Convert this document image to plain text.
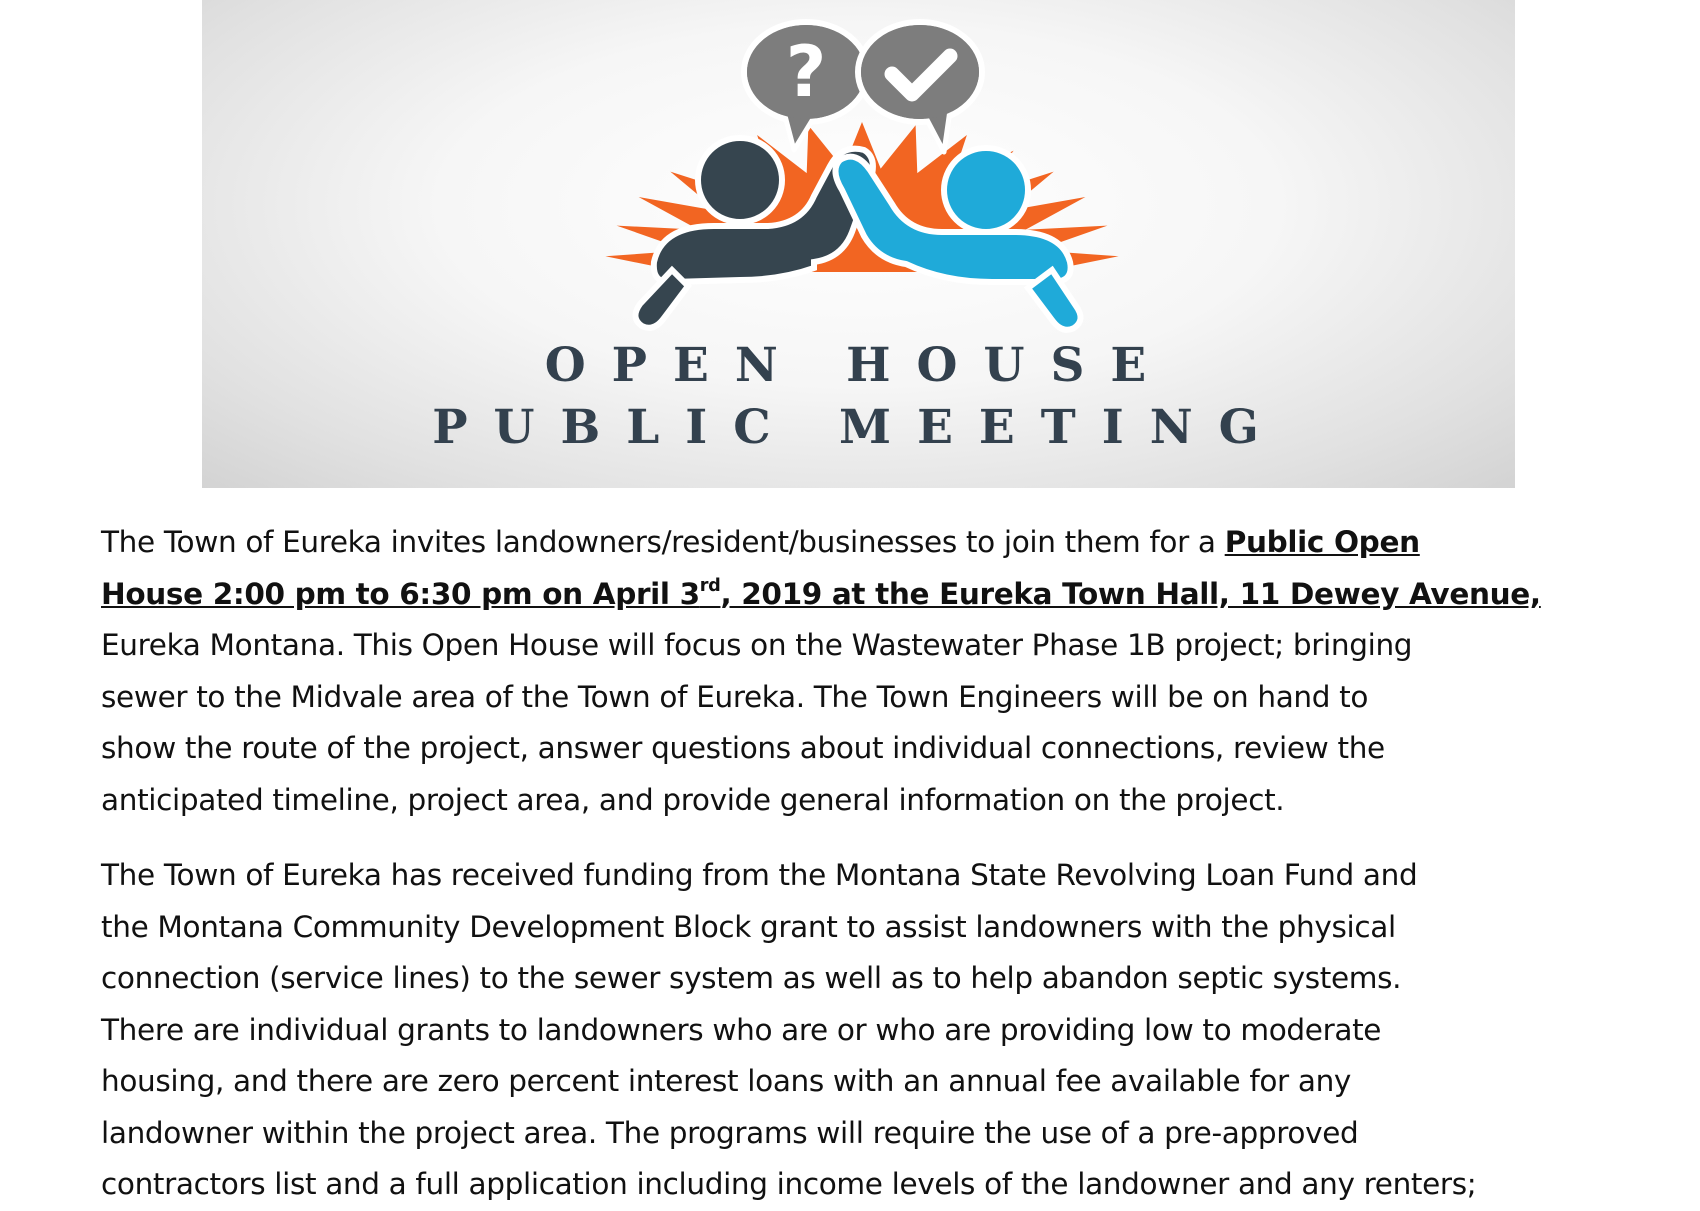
?
OPEN HOUSE
PUBLIC MEETING

The Town of Eureka invites landowners/resident/businesses to join them for a Public Open
House 2:00 pm to 6:30 pm on April 3rd, 2019 at the Eureka Town Hall, 11 Dewey Avenue,
Eureka Montana. This Open House will focus on the Wastewater Phase 1B project; bringing
sewer to the Midvale area of the Town of Eureka. The Town Engineers will be on hand to
show the route of the project, answer questions about individual connections, review the
anticipated timeline, project area, and provide general information on the project.

The Town of Eureka has received funding from the Montana State Revolving Loan Fund and
the Montana Community Development Block grant to assist landowners with the physical
connection (service lines) to the sewer system as well as to help abandon septic systems.
There are individual grants to landowners who are or who are providing low to moderate
housing, and there are zero percent interest loans with an annual fee available for any
landowner within the project area. The programs will require the use of a pre-approved
contractors list and a full application including income levels of the landowner and any renters;
